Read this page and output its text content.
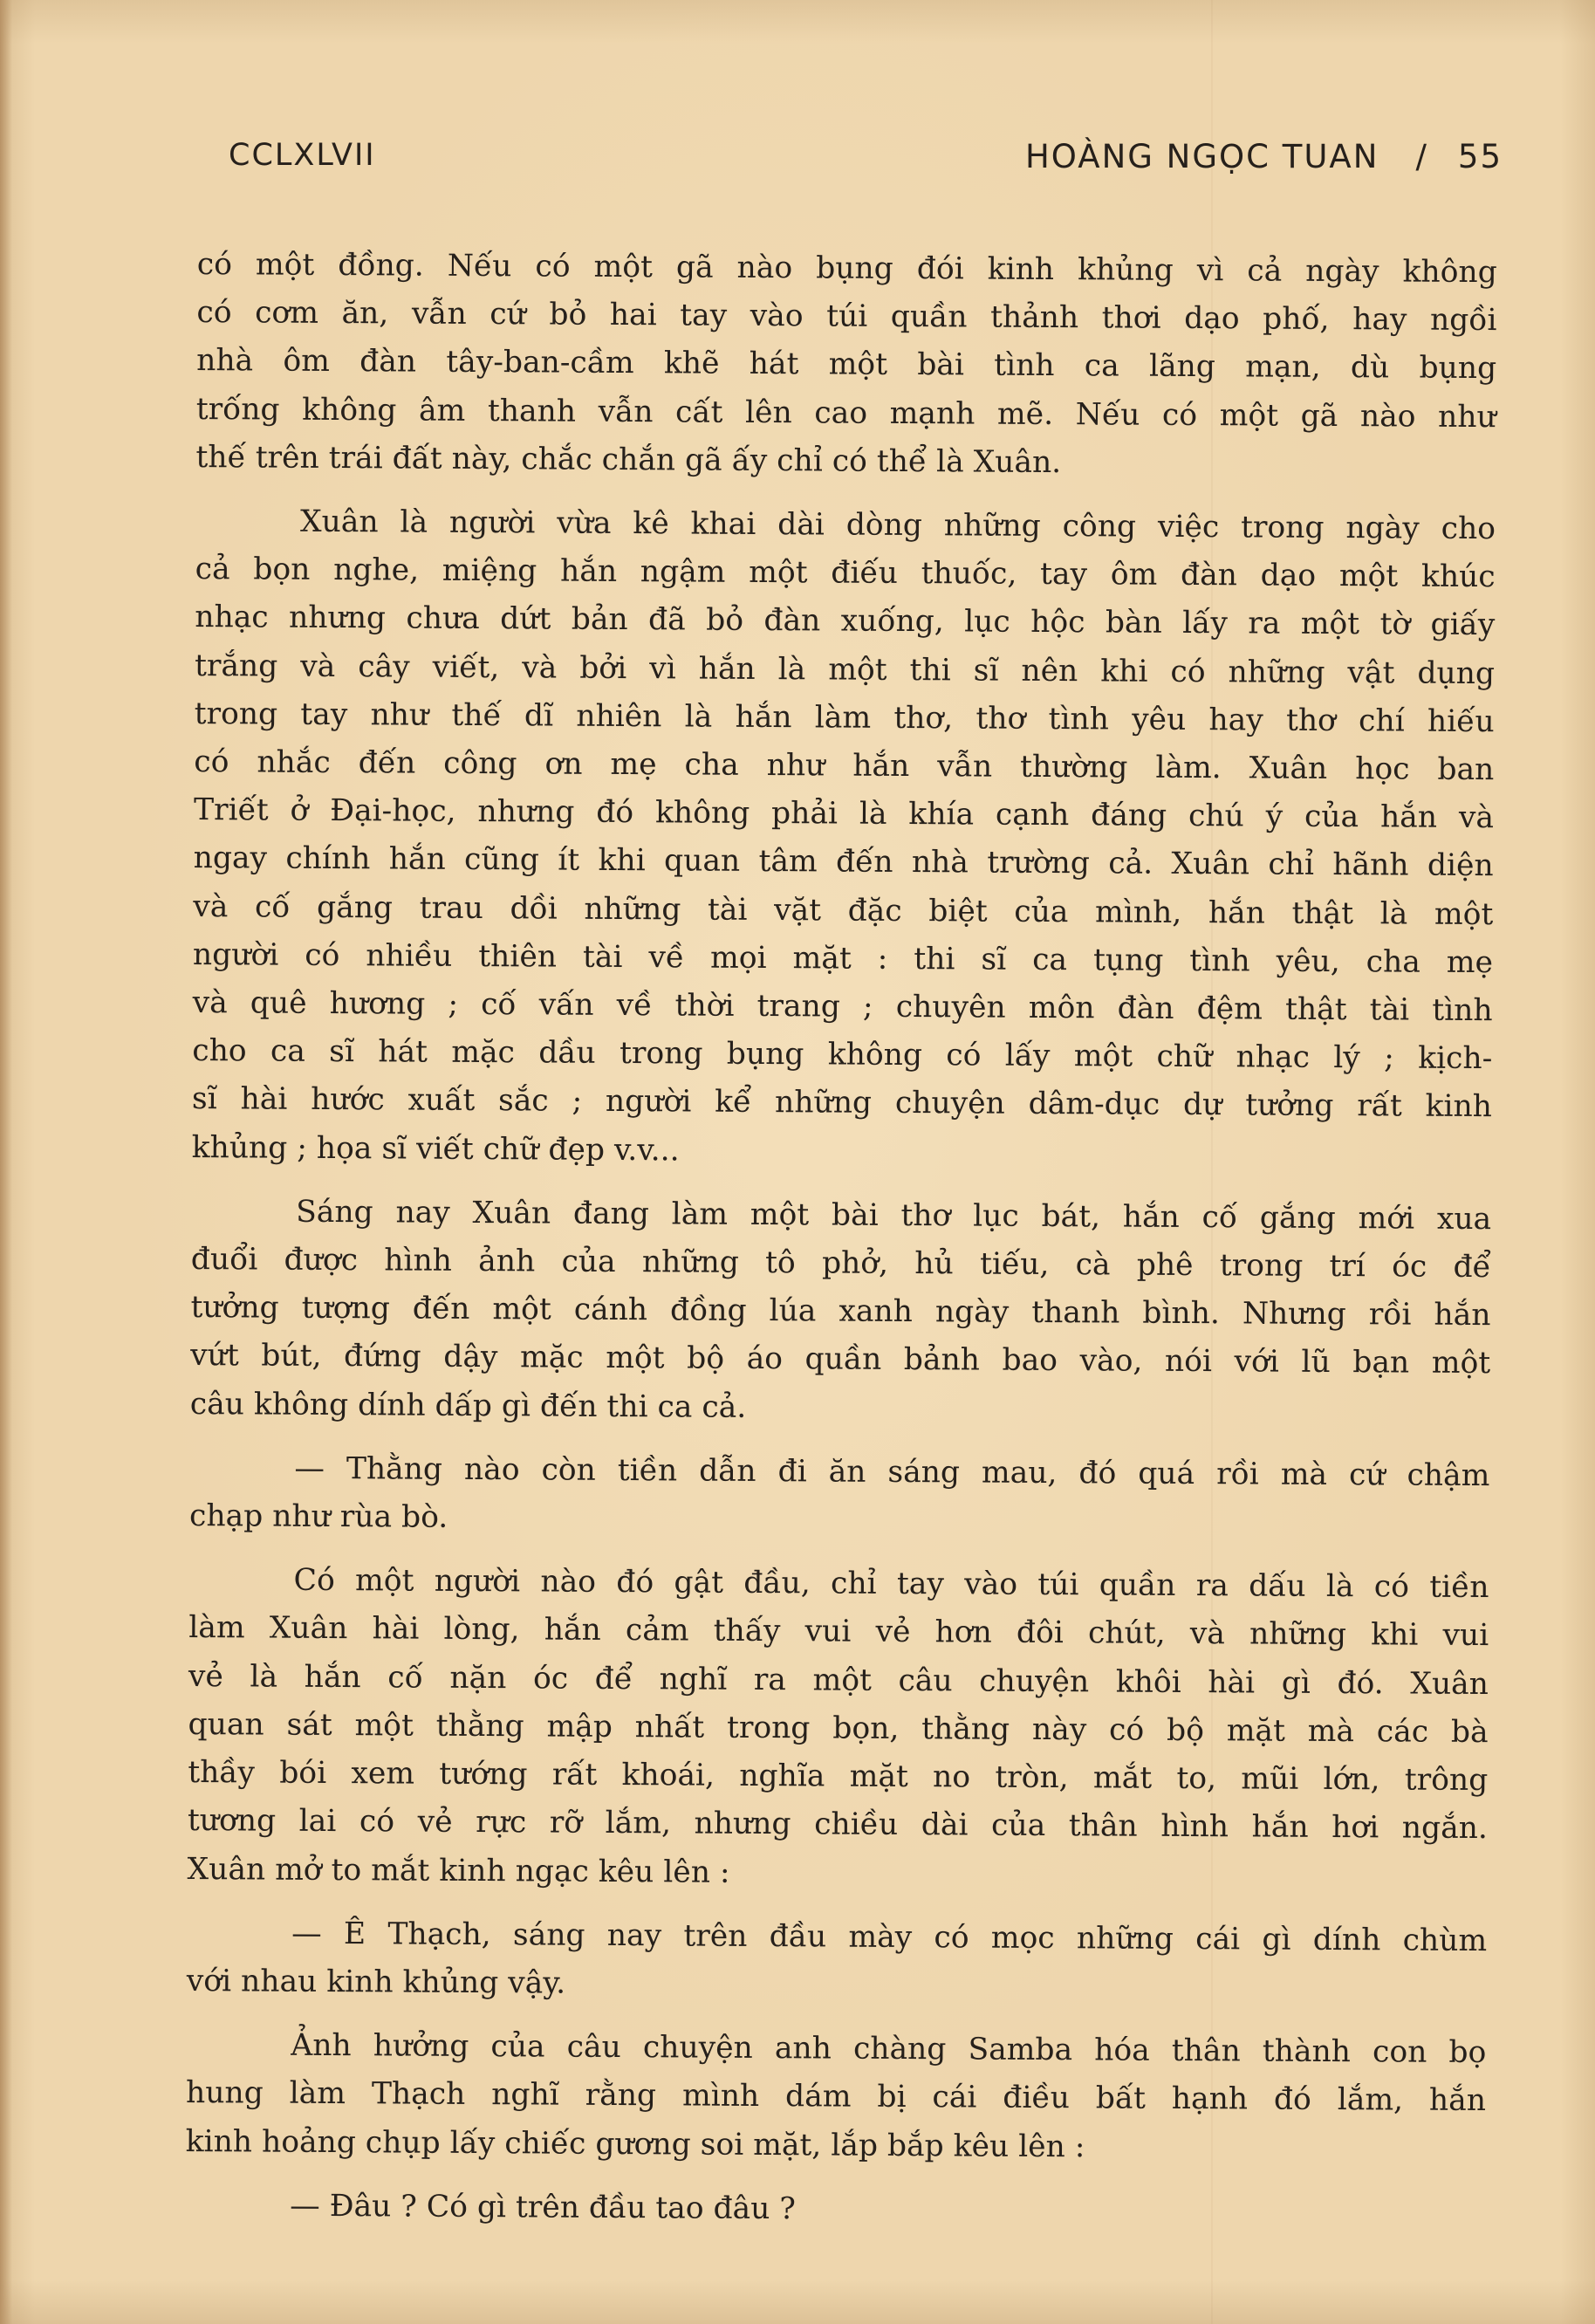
CCLXLVII	HOÀNG NGỌC TUAN / 55
có một đồng. Nếu có một gã nào bụng đói kinh khủng vì cả ngày không
có cơm ăn, vẫn cứ bỏ hai tay vào túi quần thảnh thơi dạo phố, hay ngồi
nhà ôm đàn tây-ban-cầm khẽ hát một bài tình ca lãng mạn, dù bụng
trống không âm thanh vẫn cất lên cao mạnh mẽ. Nếu có một gã nào như
thế trên trái đất này, chắc chắn gã ấy chỉ có thể là Xuân.
Xuân là người vừa kê khai dài dòng những công việc trong ngày cho
cả bọn nghe, miệng hắn ngậm một điếu thuốc, tay ôm đàn dạo một khúc
nhạc nhưng chưa dứt bản đã bỏ đàn xuống, lục hộc bàn lấy ra một tờ giấy
trắng và cây viết, và bởi vì hắn là một thi sĩ nên khi có những vật dụng
trong tay như thế dĩ nhiên là hắn làm thơ, thơ tình yêu hay thơ chí hiếu
có nhắc đến công ơn mẹ cha như hắn vẫn thường làm. Xuân học ban
Triết ở Đại-học, nhưng đó không phải là khía cạnh đáng chú ý của hắn và
ngay chính hắn cũng ít khi quan tâm đến nhà trường cả. Xuân chỉ hãnh diện
và cố gắng trau dồi những tài vặt đặc biệt của mình, hắn thật là một
người có nhiều thiên tài về mọi mặt : thi sĩ ca tụng tình yêu, cha mẹ
và quê hương ; cố vấn về thời trang ; chuyên môn đàn đệm thật tài tình
cho ca sĩ hát mặc dầu trong bụng không có lấy một chữ nhạc lý ; kịch-
sĩ hài hước xuất sắc ; người kể những chuyện dâm-dục dự tưởng rất kinh
khủng ; họa sĩ viết chữ đẹp v.v...
Sáng nay Xuân đang làm một bài thơ lục bát, hắn cố gắng mới xua
đuổi được hình ảnh của những tô phở, hủ tiếu, cà phê trong trí óc để
tưởng tượng đến một cánh đồng lúa xanh ngày thanh bình. Nhưng rồi hắn
vứt bút, đứng dậy mặc một bộ áo quần bảnh bao vào, nói với lũ bạn một
câu không dính dấp gì đến thi ca cả.
— Thằng nào còn tiền dẫn đi ăn sáng mau, đó quá rồi mà cứ chậm
chạp như rùa bò.
Có một người nào đó gật đầu, chỉ tay vào túi quần ra dấu là có tiền
làm Xuân hài lòng, hắn cảm thấy vui vẻ hơn đôi chút, và những khi vui
vẻ là hắn cố nặn óc để nghĩ ra một câu chuyện khôi hài gì đó. Xuân
quan sát một thằng mập nhất trong bọn, thằng này có bộ mặt mà các bà
thầy bói xem tướng rất khoái, nghĩa mặt no tròn, mắt to, mũi lớn, trông
tương lai có vẻ rực rỡ lắm, nhưng chiều dài của thân hình hắn hơi ngắn.
Xuân mở to mắt kinh ngạc kêu lên :
— Ê Thạch, sáng nay trên đầu mày có mọc những cái gì dính chùm
với nhau kinh khủng vậy.
Ảnh hưởng của câu chuyện anh chàng Samba hóa thân thành con bọ
hung làm Thạch nghĩ rằng mình dám bị cái điều bất hạnh đó lắm, hắn
kinh hoảng chụp lấy chiếc gương soi mặt, lắp bắp kêu lên :
— Đâu ? Có gì trên đầu tao đâu ?
